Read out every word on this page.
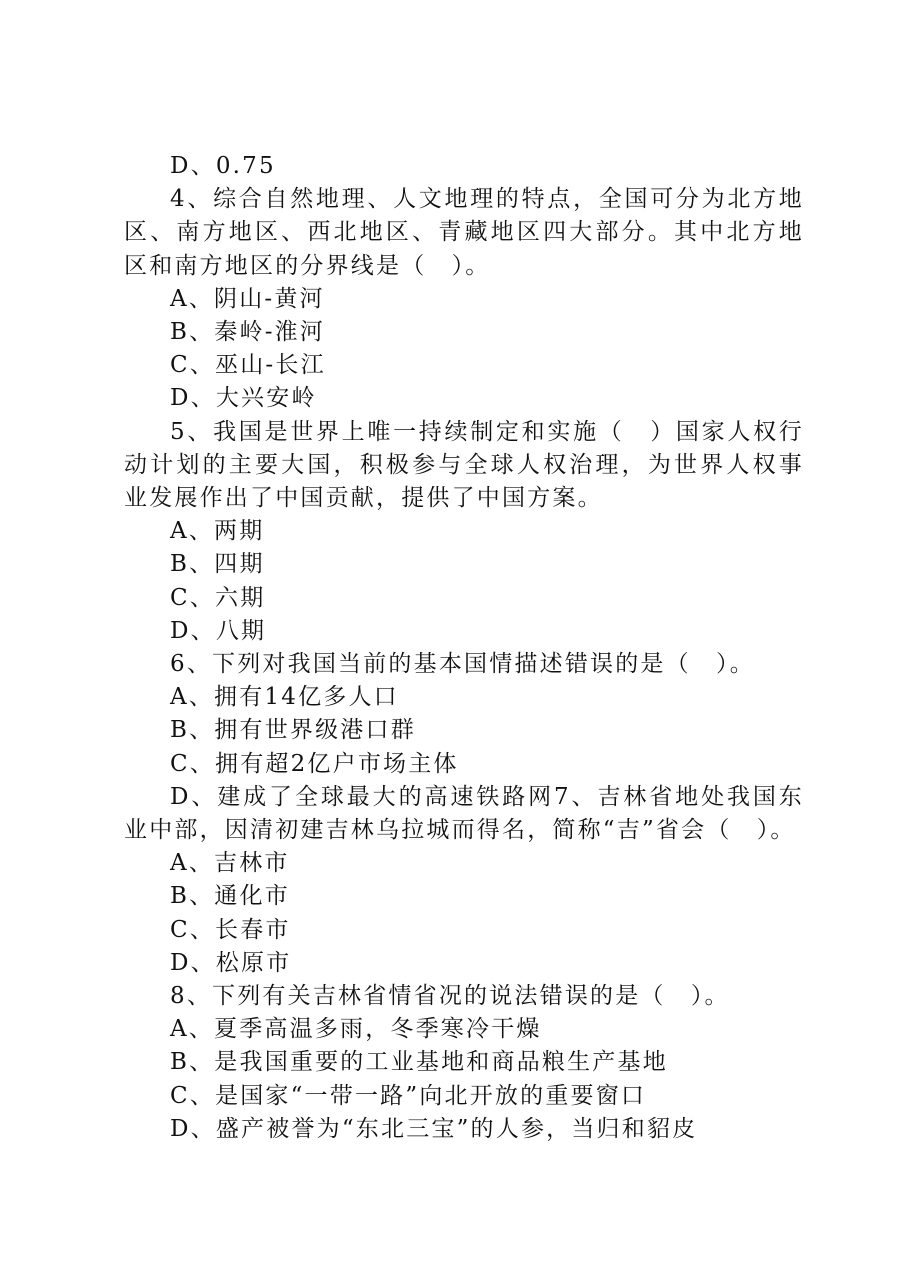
D、0.75

4、综合自然地理、人文地理的特点，全国可分为北方地区、南方地区、西北地区、青藏地区四大部分。其中北方地区和南方地区的分界线是（　）。

A、阴山-黄河

B、秦岭-淮河

C、巫山-长江

D、大兴安岭

5、我国是世界上唯一持续制定和实施（　）国家人权行动计划的主要大国，积极参与全球人权治理，为世界人权事业发展作出了中国贡献，提供了中国方案。

A、两期

B、四期

C、六期

D、八期

6、下列对我国当前的基本国情描述错误的是（　）。

A、拥有14亿多人口

B、拥有世界级港口群

C、拥有超2亿户市场主体

D、建成了全球最大的高速铁路网7、吉林省地处我国东业中部，因清初建吉林乌拉城而得名，简称“吉”省会（　）。

A、吉林市

B、通化市

C、长春市

D、松原市

8、下列有关吉林省情省况的说法错误的是（　）。

A、夏季高温多雨，冬季寒冷干燥

B、是我国重要的工业基地和商品粮生产基地

C、是国家“一带一路”向北开放的重要窗口

D、盛产被誉为“东北三宝”的人参，当归和貂皮
